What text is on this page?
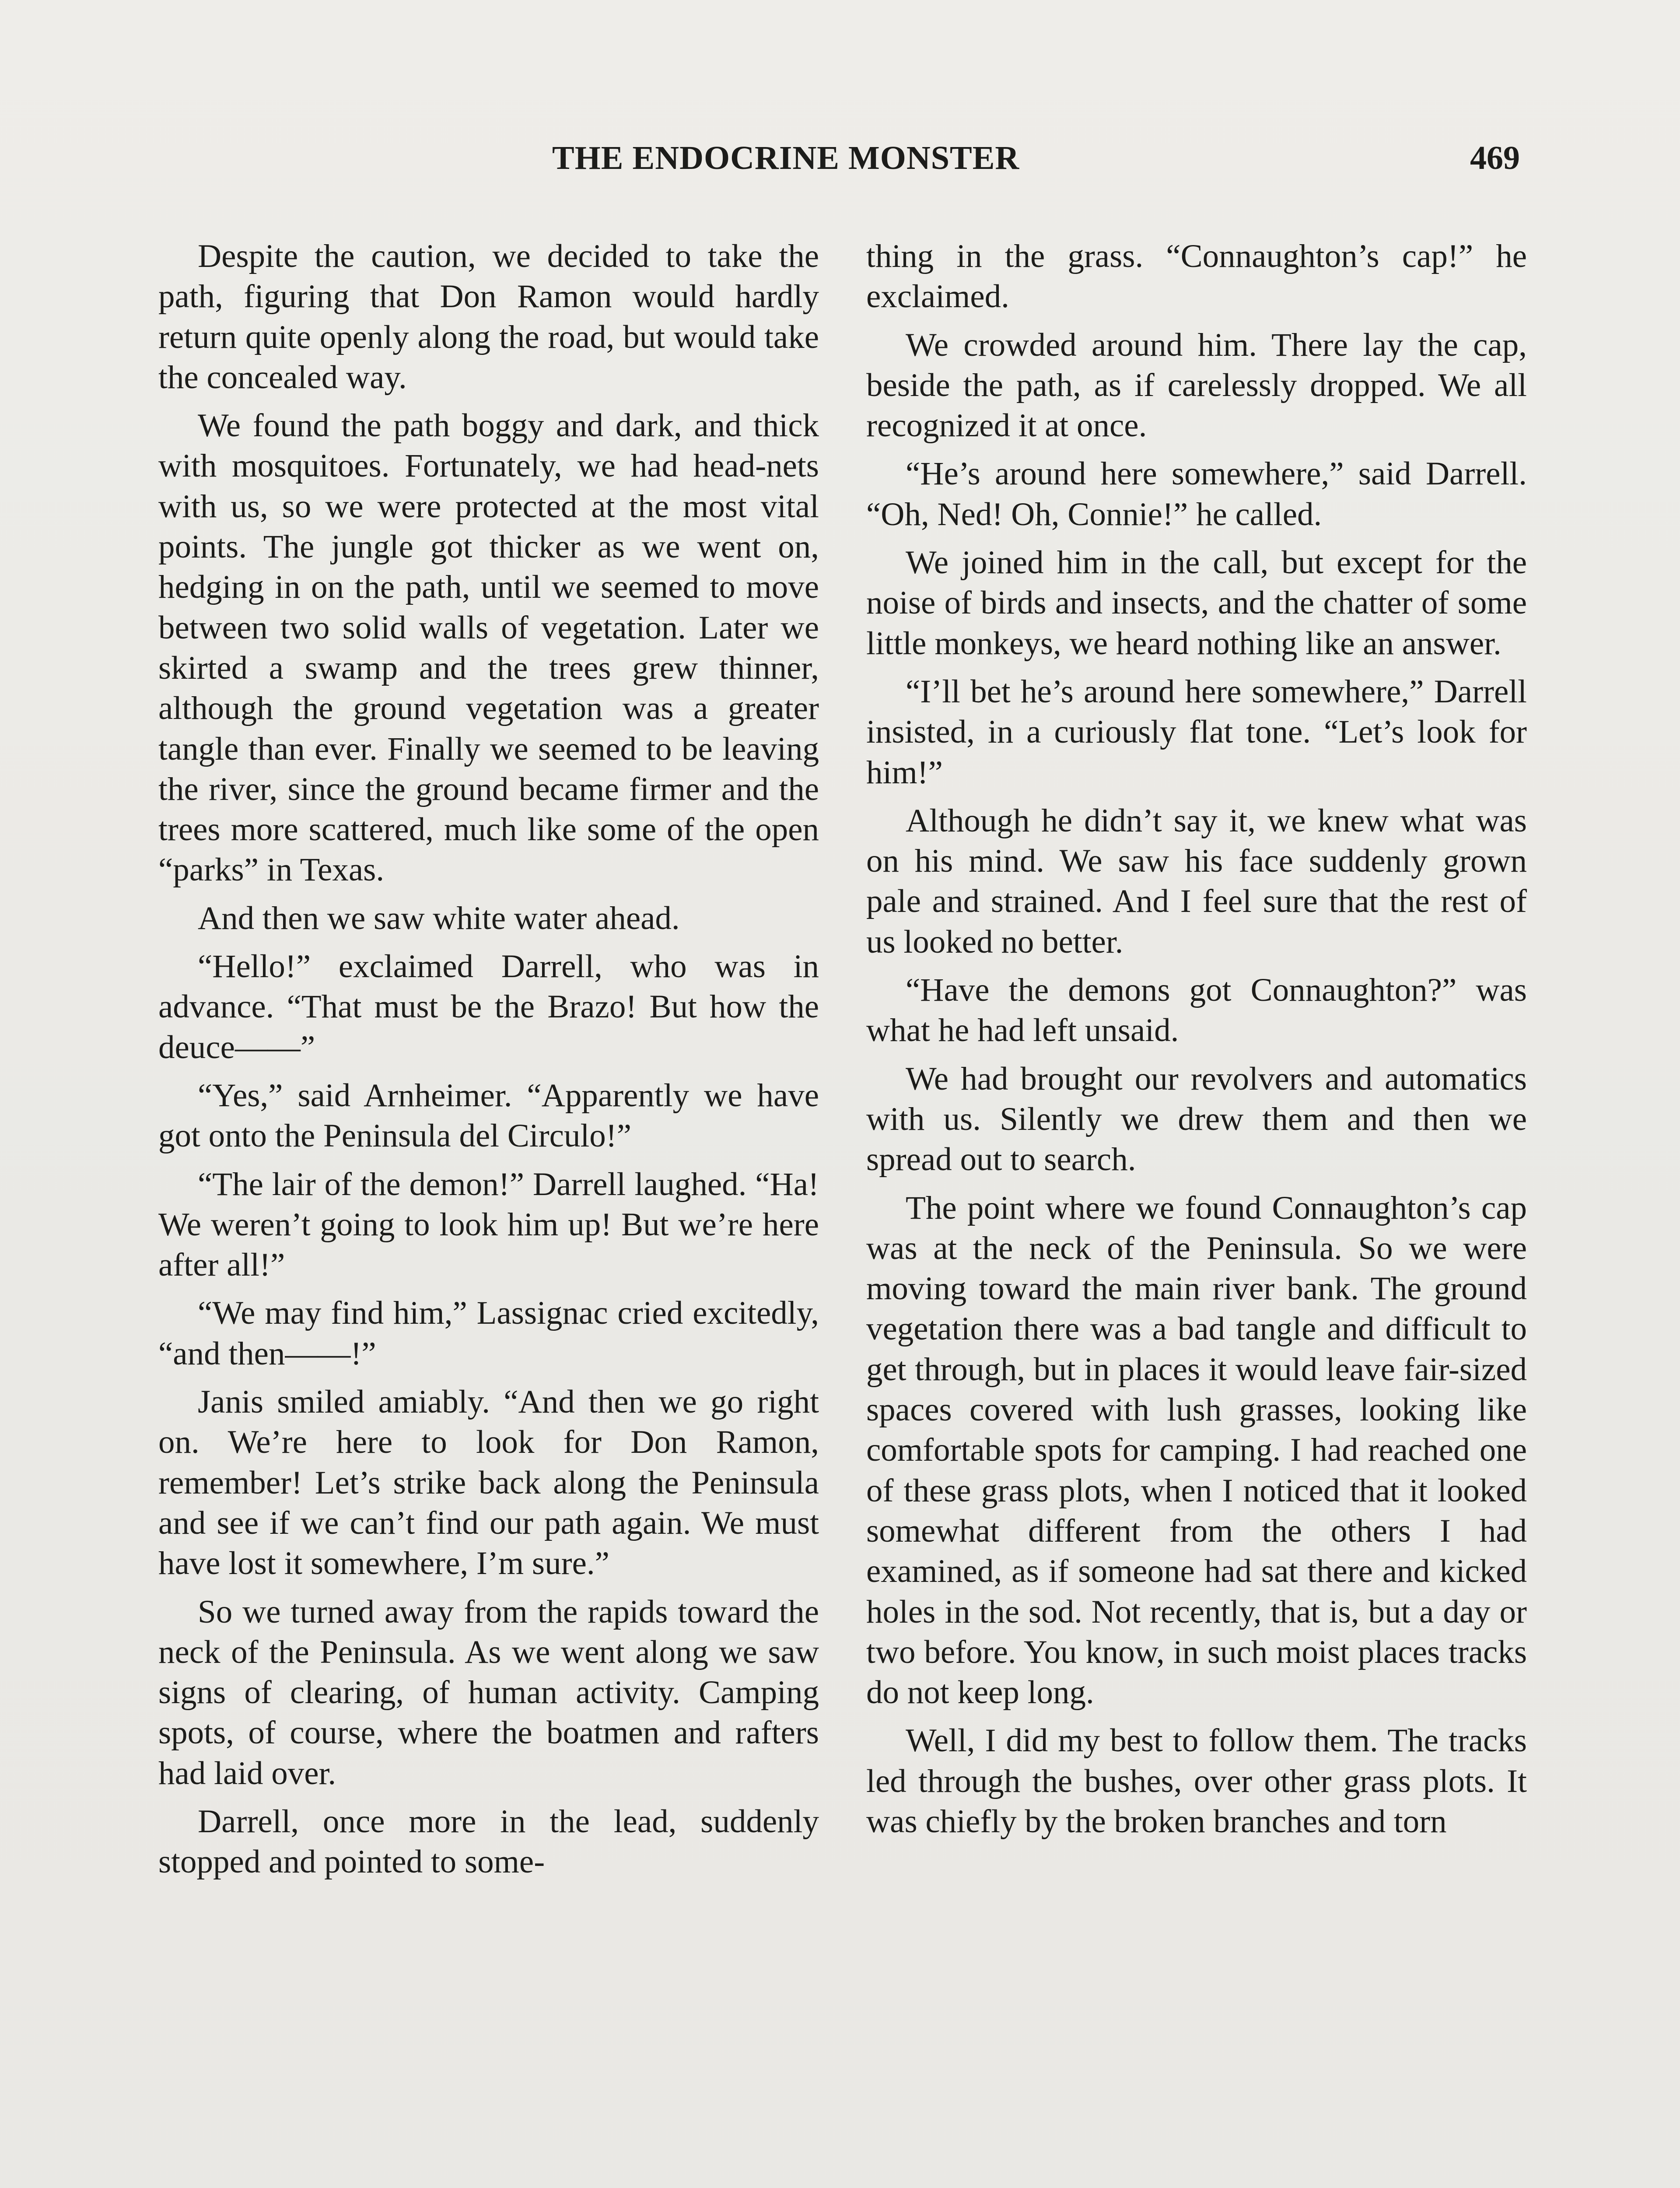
THE ENDOCRINE MONSTER	469

Despite the caution, we decided to take the path, figuring that Don Ramon would hardly return quite openly along the road, but would take the concealed way.

We found the path boggy and dark, and thick with mosquitoes. Fortunately, we had head-nets with us, so we were protected at the most vital points. The jungle got thicker as we went on, hedging in on the path, until we seemed to move between two solid walls of vegetation. Later we skirted a swamp and the trees grew thinner, although the ground vegetation was a greater tangle than ever. Finally we seemed to be leaving the river, since the ground became firmer and the trees more scattered, much like some of the open “parks” in Texas.

And then we saw white water ahead.

“Hello!” exclaimed Darrell, who was in advance. “That must be the Brazo! But how the deuce——”

“Yes,” said Arnheimer. “Apparently we have got onto the Peninsula del Circulo!”

“The lair of the demon!” Darrell laughed. “Ha! We weren’t going to look him up! But we’re here after all!”

“We may find him,” Lassignac cried excitedly, “and then——!”

Janis smiled amiably. “And then we go right on. We’re here to look for Don Ramon, remember! Let’s strike back along the Peninsula and see if we can’t find our path again. We must have lost it somewhere, I’m sure.”

So we turned away from the rapids toward the neck of the Peninsula. As we went along we saw signs of clearing, of human activity. Camping spots, of course, where the boatmen and rafters had laid over.

Darrell, once more in the lead, suddenly stopped and pointed to some-

thing in the grass. “Connaughton’s cap!” he exclaimed.

We crowded around him. There lay the cap, beside the path, as if carelessly dropped. We all recognized it at once.

“He’s around here somewhere,” said Darrell. “Oh, Ned! Oh, Connie!” he called.

We joined him in the call, but except for the noise of birds and insects, and the chatter of some little monkeys, we heard nothing like an answer.

“I’ll bet he’s around here somewhere,” Darrell insisted, in a curiously flat tone. “Let’s look for him!”

Although he didn’t say it, we knew what was on his mind. We saw his face suddenly grown pale and strained. And I feel sure that the rest of us looked no better.

“Have the demons got Connaughton?” was what he had left unsaid.

We had brought our revolvers and automatics with us. Silently we drew them and then we spread out to search.

The point where we found Connaughton’s cap was at the neck of the Peninsula. So we were moving toward the main river bank. The ground vegetation there was a bad tangle and difficult to get through, but in places it would leave fair-sized spaces covered with lush grasses, looking like comfortable spots for camping. I had reached one of these grass plots, when I noticed that it looked somewhat different from the others I had examined, as if someone had sat there and kicked holes in the sod. Not recently, that is, but a day or two before. You know, in such moist places tracks do not keep long.

Well, I did my best to follow them. The tracks led through the bushes, over other grass plots. It was chiefly by the broken branches and torn
